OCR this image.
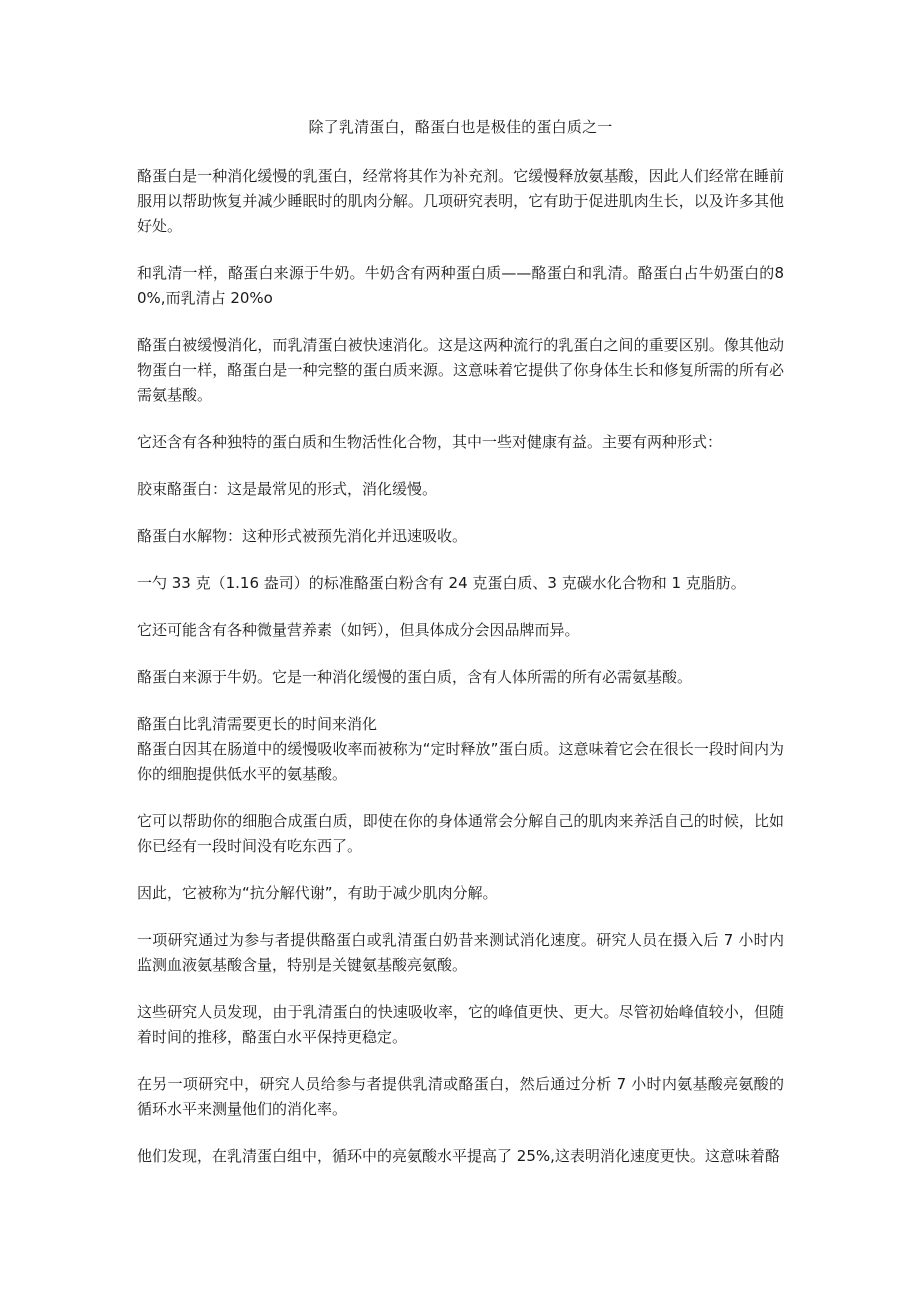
除了乳清蛋白，酪蛋白也是极佳的蛋白质之一

酪蛋白是一种消化缓慢的乳蛋白，经常将其作为补充剂。它缓慢释放氨基酸，因此人们经常在睡前服用以帮助恢复并减少睡眠时的肌肉分解。几项研究表明，它有助于促进肌肉生长，以及许多其他好处。

和乳清一样，酪蛋白来源于牛奶。牛奶含有两种蛋白质——酪蛋白和乳清。酪蛋白占牛奶蛋白的80%,而乳清占 20%o

酪蛋白被缓慢消化，而乳清蛋白被快速消化。这是这两种流行的乳蛋白之间的重要区别。像其他动物蛋白一样，酪蛋白是一种完整的蛋白质来源。这意味着它提供了你身体生长和修复所需的所有必需氨基酸。

它还含有各种独特的蛋白质和生物活性化合物，其中一些对健康有益。主要有两种形式：

胶束酪蛋白：这是最常见的形式，消化缓慢。

酪蛋白水解物：这种形式被预先消化并迅速吸收。

一勺 33 克（1.16 盎司）的标准酪蛋白粉含有 24 克蛋白质、3 克碳水化合物和 1 克脂肪。

它还可能含有各种微量营养素（如钙），但具体成分会因品牌而异。

酪蛋白来源于牛奶。它是一种消化缓慢的蛋白质，含有人体所需的所有必需氨基酸。

酪蛋白比乳清需要更长的时间来消化

酪蛋白因其在肠道中的缓慢吸收率而被称为“定时释放”蛋白质。这意味着它会在很长一段时间内为你的细胞提供低水平的氨基酸。

它可以帮助你的细胞合成蛋白质，即使在你的身体通常会分解自己的肌肉来养活自己的时候，比如你已经有一段时间没有吃东西了。

因此，它被称为“抗分解代谢”，有助于减少肌肉分解。

一项研究通过为参与者提供酪蛋白或乳清蛋白奶昔来测试消化速度。研究人员在摄入后 7 小时内监测血液氨基酸含量，特别是关键氨基酸亮氨酸。

这些研究人员发现，由于乳清蛋白的快速吸收率，它的峰值更快、更大。尽管初始峰值较小，但随着时间的推移，酪蛋白水平保持更稳定。

在另一项研究中，研究人员给参与者提供乳清或酪蛋白，然后通过分析 7 小时内氨基酸亮氨酸的循环水平来测量他们的消化率。

他们发现，在乳清蛋白组中，循环中的亮氨酸水平提高了 25%,这表明消化速度更快。这意味着酪
